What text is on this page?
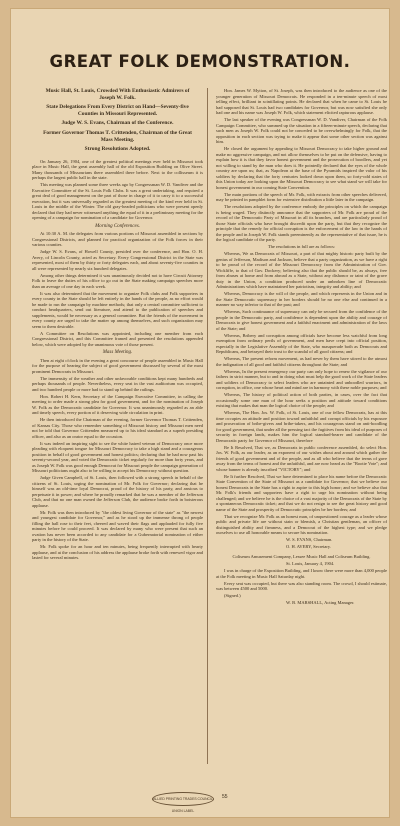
GREAT FOLK DEMONSTRATION.
Music Hall, St. Louis, Crowded With Enthusiastic Admirers of Joseph W. Folk.
State Delegations From Every District on Hand—Seventy-five Counties in Missouri Represented.
Judge W. S. Evans, Chairman of the Conference.
Former Governor Thomas T. Crittenden, Chairman of the Great Mass Meeting.
Strong Resolutions Adopted.

On January 26, 1904, one of the greatest political meetings ever held in Missouri took place in Music Hall, the great assembly hall of the old Exposition Building on Olive Street. Many thousands of Missourians there assembled there before. Next to the collisseum it is perhaps the largest public hall in the state.

This meeting was planned some three weeks ago by Congressman W. D. Vandiver and the Executive Committee of the St. Louis Folk Clubs. It was a great undertaking, and required a great deal of good management on the part of those in charge of it to carry it to a successful execution, but it was universally regarded as the greatest meeting of the kind ever held in St. Louis in the middle of the Winter. The old gray-headed politicians who were present openly declared that they had never witnessed anything the equal of it in a preliminary meeting for the opening of a campaign for nomination of a candidate for Governor.

Morning Conferences.

At 10:30 A. M. the delegates from various portions of Missouri assembled in sections by Congressional Districts, and planned for practical organization of the Folk forces in their various counties.

Judge W. S. Evans, of Howell County, presided over the conference, and Hon. O. H. Avery, of Lincoln County, acted as Secretary. Every Congressional District in the State was represented, most of them by thirty or forty delegates each, and about seventy-five counties in all were represented by nearly six hundred delegates.

Among other things determined it was unanimously decided not to have Circuit Attorney Folk to leave the duties of his office to go out in the State making campaign speeches more than an average of one day in each week.

It was also determined that the movement to organize Folk clubs and Folk supporters in every county in the State should be left entirely in the hands of the people, as no effort would be made to run the campaign by machine methods; that only a central committee sufficient to conduct headquarters, send out literature, and attend to the publication of speeches and supplements, would be necessary as a general committee. But the friends of the movement in every county are urged to take the matter up among themselves, and such organization may seem to them desirable.

A Committee on Resolutions was appointed, including one member from each Congressional District, and this Committee framed and presented the resolutions appended below, which were adopted by the unanimous vote of those present.

Mass Meeting.

Then at eight o'clock in the evening a great concourse of people assembled in Music Hall for the purpose of hearing the subject of good government discussed by several of the most prominent Democrats in Missouri.

The immensity of the weather and other unfavorable conditions kept many hundreds and perhaps thousands of people. Nevertheless, every seat in the vast auditorium was occupied, and two hundred people or more had to stand up behind the railings.

Hon. Robert H. Kern, Secretary of the Campaign Executive Committee, in calling the meeting to order made a strong plea for good government, and for the nomination of Joseph W. Folk as the Democratic candidate for Governor. It was unanimously regarded as an able and timely speech, every portion of it deserving wide circulation in print.

He then introduced the Chairman of the evening, former Governor Thomas T. Crittenden, of Kansas City. Those who remember something of Missouri history and Missouri men need not be told that Governor Crittenden measured up to his ideal standard as a superb presiding officer, and also as an orator equal to the occasion.

It was indeed an inspiring sight to see the white haired veteran of Democracy once more pleading with eloquent tongue for Missouri Democracy to take a high stand and a courageous position in behalf of good government and honest politics; declaring that he had now past his seventy-second year, and voted the Democratic ticket regularly for more than forty years, and as Joseph W. Folk was good enough Democrat for Missouri people the campaign generation of Missouri politicians ought also to be willing to accept his Democracy without question.

Judge Given Campbell, of St. Louis, then followed with a strong speech in behalf of the citizens of St. Louis, urging the nomination of Mr. Folk for Governor; declaring that he himself was an old-time loyal Democrat, proud of the history of his party, and anxious to perpetuate it in power; and where he proudly remarked that he was a member of the Jefferson Club, and that no one man owned the Jefferson Club, the audience broke forth in boisterous applause.

Mr. Folk was then introduced by "the oldest living Governor of the state" as "the newest and youngest candidate for Governor," and as he stood up the immense throng of people filling the hall rose to their feet, cheered and waved their flags and applauded for fully five minutes before he could proceed. It was declared by many who were present that such an ovation has never been accorded to any candidate for a Gubernatorial nomination of either party in the history of the State.

Mr. Folk spoke for an hour and ten minutes, being frequently interrupted with hearty applause, and at the conclusion of his address the applause broke forth with renewed vigor and lasted for several minutes.

Hon. James W. Mytton, of St. Joseph, was then introduced to the audience as one of the younger generation of Missouri Democrats. He responded in a ten-minute speech of most telling effect, brilliant in scintillating points. He declared that when he came to St. Louis he had supposed that St. Louis had two candidates for Governor, but was now satisfied she only had one and his name was Joseph W. Folk, which statement elicited rapturous applause.

The last speaker of the evening was Congressman W. D. Vandiver, Chairman of the Folk Campaign Committee, who summed up the situation in a fifteen-minute speech, declaring that such men as Joseph W. Folk could not be conceded to be overwhelmingly for Folk, that the opposition in each section was trying to make it appear that some other section was against him.

He closed the argument by appealing to Missouri Democracy to take higher ground and make no aggressive campaign, and not allow themselves to be put on the defensive, having to explain how it is that they favor honest government and the prosecution of boodlers, and yet not willing to stand by the man who does it. He pointedly declared that the eyes of the whole country are upon us; that, as Napoleon at the base of the Pyramids inspired the valor of his soldiers by declaring that the forty centuries looked down upon them, so forty-odd states of this Union today are looking upon the Missouri Democracy to see what stand we will take for honest government in our coming State Convention.

The main portions of the speech of Mr. Folk, with extracts from other speeches delivered, may be printed in pamphlet form for extensive distribution a little later in the campaign.

The resolutions adopted by the conference embody the principles on which the campaign is being waged. They distinctly announce that the supporters of Mr. Folk are proud of the record of the Democratic Party of Missouri in all its branches, and are particularly proud of those State officials who have brought discredit upon the party, but that they recognize the principle that the remedy for official corruption is the enforcement of the law in the hands of the people and in Joseph W. Folk stands preeminently as the representative of that issue, he is the logical candidate of the party.

The resolutions in full are as follows:

Whereas, We as Democrats of Missouri, a part of that mighty historic party built by the genius of Jefferson, Madison and Jackson, believe that a party organization, as we have a right to be proud of the record of the Missouri Democracy from the Administration of Gov. Wickliffe, to that of Gov. Dockery; believing also that the public should be, as always, free from abuses at home and from abroad as a State, without any dishonor or taint of the grave duty in the Union, a condition produced under an unbroken line of Democratic Administrations which have maintained her patriotism, integrity and ability; and

Whereas, Democracy is the will of the people, and which represents in the Union and in the State Democratic supremacy in her borders should be no one else and continued in a manner no way inferior to that of the past; and

Whereas, Such continuance of supremacy can only be secured from the confidence of the people in the Democratic party, and confidence is dependent upon the ability and courage of Democrats to give honest government and a faithful enactment and administration of the laws of the State; and

Whereas, Bribery and corruption among officials have become less watchful from long exemption from ordinary perils of government, and men have crept into official position, especially in the Legislative Assembly of the State, who masquerade both as Democrats and Republicans, and betrayed their trust to the scandal of all good citizens; and

Whereas, The present reform movement, as had never by them have stirred to the utmost the indignation of all good and faithful citizens throughout the State; and

Whereas, In the present emergency our party can only hope to renew the vigilance of our fathers in strict manner, but to and in doing what must help the good work of the State leaders and soldiers of Democracy to select leaders who are untainted and unboodled warriors, in corruption, in office, one whose heart and mind are in harmony with these noble purposes; and

Whereas, The history of political action of both parties, in cases, over the fact that occasionally some one man of the hour seeks a position and attitude toward conditions existing that makes that man the logical choice of the people; and

Whereas, The Hon. Jos. W. Folk, of St. Louis, one of our fellow Democrats, has at this time occupies an attitude and position toward unfaithful and corrupt officials by his exposure and prosecution of bribe-givers and bribe-takers, and his courageous stand on anti-boodling for good government, that under all the pressing tact the fugitives from his ideal of purposes of security in foreign lands, makes him the logical standard-bearer and candidate of the Democratic party for Governor of Missouri, therefore

Be It Resolved, That we, as Democrats in public conference assembled, do select Hon. Jos. W. Folk, as our leader, as an exponent of our wishes about and around which gather the friends of good government and of the people, and as all who believe that the terms of gave away from the terms of honest and the unfaithful, and are now heard as the "Bootie Vote"; and whose banner is already inscribed "VICTORY"; and

Be It further Resolved, That we have determined to place his name before the Democratic State Convention of the State of Missouri as a candidate for Governor; that we believe our honest Democrats in the State has a right to aspire to this high honor; and we believe also that Mr. Folk's friends and supporters have a right to urge his nomination without being challenged; and we believe he is the choice of a vast majority of the Democrats of the State by a spontaneous Democratic ticket; and that we do not resign to see the great history and good name of the State and prosperity of Democratic principles be her borders; and

That we recognize Mr. Folk as an honest man, of unquestioned courage as a leader whose public and private life are without stain or blemish, a Christian gentleman, an officer of distinguished ability and firmness, and a Democrat of the highest type; and we pledge ourselves to use all honorable means to secure his nomination.

W. S. EVANS, Chairman.

O. H. AVERY, Secretary.

Coliseum Amusement Company, Lessee Music Hall and Coliseum Building.

St. Louis, January 4, 1904.

I was in charge of the Exposition Building, and I know there were more than 4,000 people at the Folk meeting in Music Hall Saturday night.

Every seat was occupied, but there was also standing room. The crowd, I should estimate, was between 4500 and 5000.

(Signed.)

W. B. MARSHALL, Acting Manager.

ALLIED PRINTING TRADES COUNCIL UNION LABEL
55
